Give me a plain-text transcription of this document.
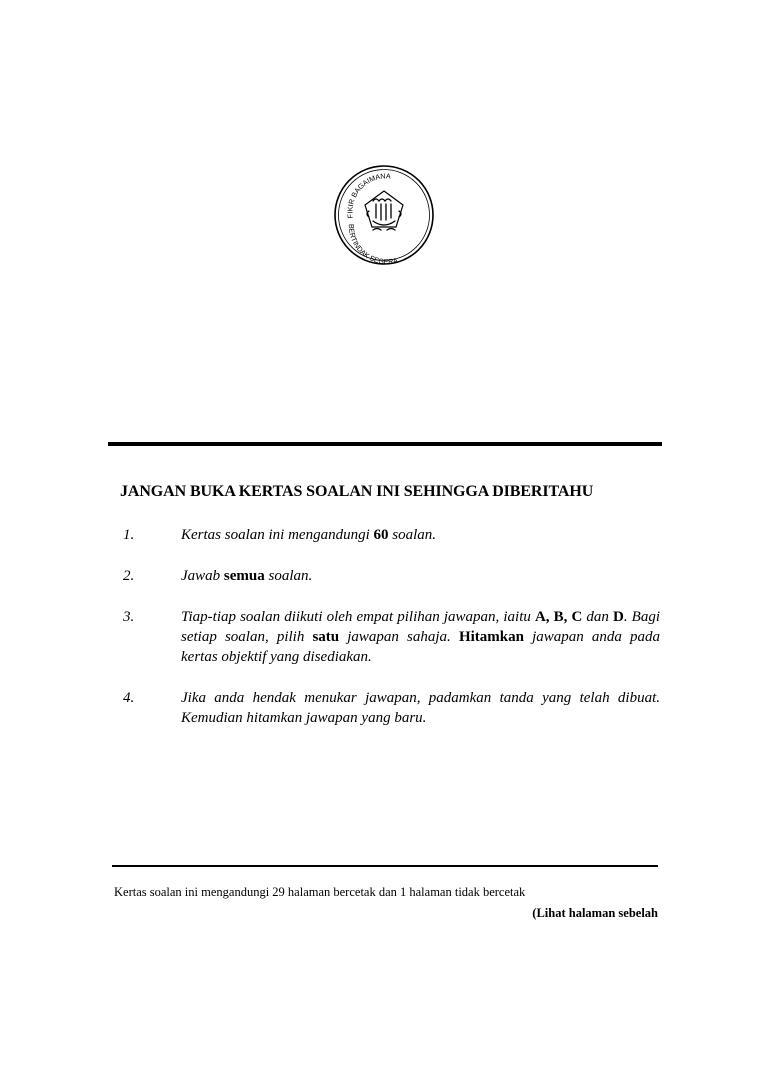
FIKIR BAGAIMANA
BERTINDAK SEGERA
JANGAN BUKA KERTAS SOALAN INI SEHINGGA DIBERITAHU
1.	Kertas soalan ini mengandungi 60 soalan.
2.	Jawab semua soalan.
3.	Tiap-tiap soalan diikuti oleh empat pilihan jawapan, iaitu A, B, C dan D. Bagi setiap soalan, pilih satu jawapan sahaja. Hitamkan jawapan anda pada kertas objektif yang disediakan.
4.	Jika anda hendak menukar jawapan, padamkan tanda yang telah dibuat. Kemudian hitamkan jawapan yang baru.
Kertas soalan ini mengandungi 29 halaman bercetak dan 1 halaman tidak bercetak
(Lihat halaman sebelah
